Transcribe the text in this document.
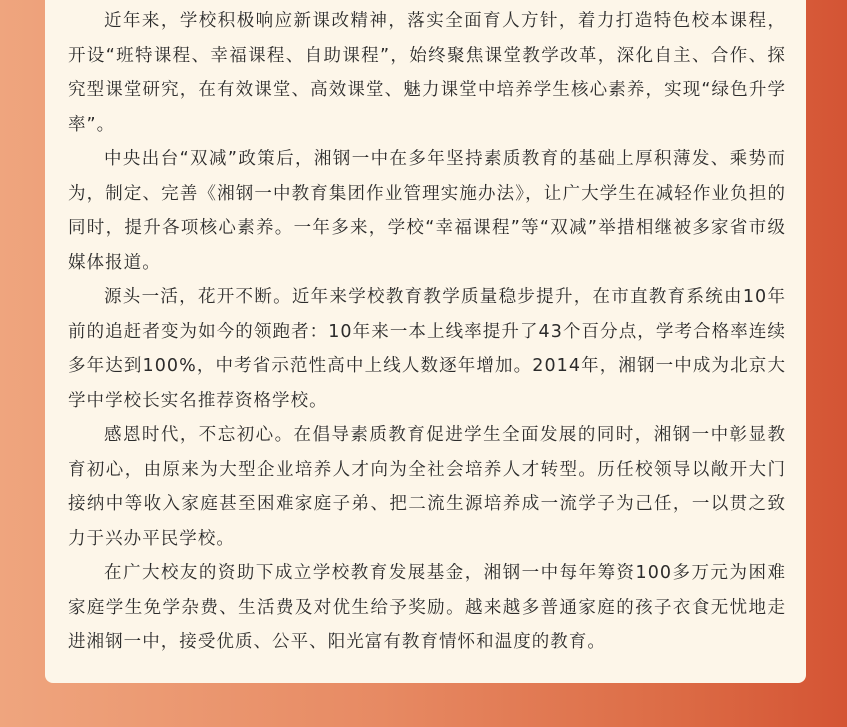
近年来，学校积极响应新课改精神，落实全面育人方针，着力打造特色校本课程，开设“班特课程、幸福课程、自助课程”，始终聚焦课堂教学改革，深化自主、合作、探究型课堂研究，在有效课堂、高效课堂、魅力课堂中培养学生核心素养，实现“绿色升学率”。

中央出台“双减”政策后，湘钢一中在多年坚持素质教育的基础上厚积薄发、乘势而为，制定、完善《湘钢一中教育集团作业管理实施办法》，让广大学生在减轻作业负担的同时，提升各项核心素养。一年多来，学校“幸福课程”等“双减”举措相继被多家省市级媒体报道。

源头一活，花开不断。近年来学校教育教学质量稳步提升，在市直教育系统由10年前的追赶者变为如今的领跑者：10年来一本上线率提升了43个百分点，学考合格率连续多年达到100%，中考省示范性高中上线人数逐年增加。2014年，湘钢一中成为北京大学中学校长实名推荐资格学校。

感恩时代，不忘初心。在倡导素质教育促进学生全面发展的同时，湘钢一中彰显教育初心，由原来为大型企业培养人才向为全社会培养人才转型。历任校领导以敞开大门接纳中等收入家庭甚至困难家庭子弟、把二流生源培养成一流学子为己任，一以贯之致力于兴办平民学校。

在广大校友的资助下成立学校教育发展基金，湘钢一中每年筹资100多万元为困难家庭学生免学杂费、生活费及对优生给予奖励。越来越多普通家庭的孩子衣食无忧地走进湘钢一中，接受优质、公平、阳光富有教育情怀和温度的教育。
